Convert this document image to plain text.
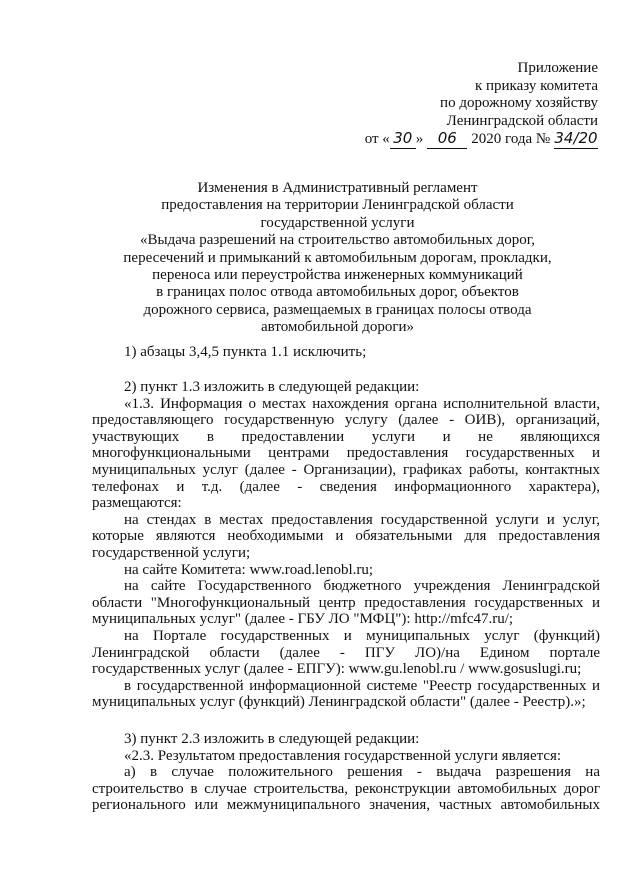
Приложение
к приказу комитета
по дорожному хозяйству
Ленинградской области
от « 30 » 06 2020 года № 34/20
Изменения в Административный регламент
предоставления на территории Ленинградской области
государственной услуги
«Выдача разрешений на строительство автомобильных дорог,
пересечений и примыканий к автомобильным дорогам, прокладки,
переноса или переустройства инженерных коммуникаций
в границах полос отвода автомобильных дорог, объектов
дорожного сервиса, размещаемых в границах полосы отвода
автомобильной дороги»

1) абзацы 3,4,5 пункта 1.1 исключить;

2) пункт 1.3 изложить в следующей редакции:

«1.3. Информация о местах нахождения органа исполнительной власти,

предоставляющего государственную услугу (далее - ОИВ), организаций,

участвующих в предоставлении услуги и не являющихся

многофункциональными центрами предоставления государственных и

муниципальных услуг (далее - Организации), графиках работы, контактных

телефонах и т.д. (далее - сведения информационного характера),

размещаются:

на стендах в местах предоставления государственной услуги и услуг,

которые являются необходимыми и обязательными для предоставления

государственной услуги;

на сайте Комитета: www.road.lenobl.ru;

на сайте Государственного бюджетного учреждения Ленинградской

области "Многофункциональный центр предоставления государственных и

муниципальных услуг" (далее - ГБУ ЛО "МФЦ"): http://mfc47.ru/;

на Портале государственных и муниципальных услуг (функций)

Ленинградской области (далее - ПГУ ЛО)/на Едином портале

государственных услуг (далее - ЕПГУ): www.gu.lenobl.ru / www.gosuslugi.ru;

в государственной информационной системе "Реестр государственных и

муниципальных услуг (функций) Ленинградской области" (далее - Реестр).»;

3) пункт 2.3 изложить в следующей редакции:

«2.3. Результатом предоставления государственной услуги является:

а) в случае положительного решения - выдача разрешения на

строительство в случае строительства, реконструкции автомобильных дорог

регионального или межмуниципального значения, частных автомобильных
